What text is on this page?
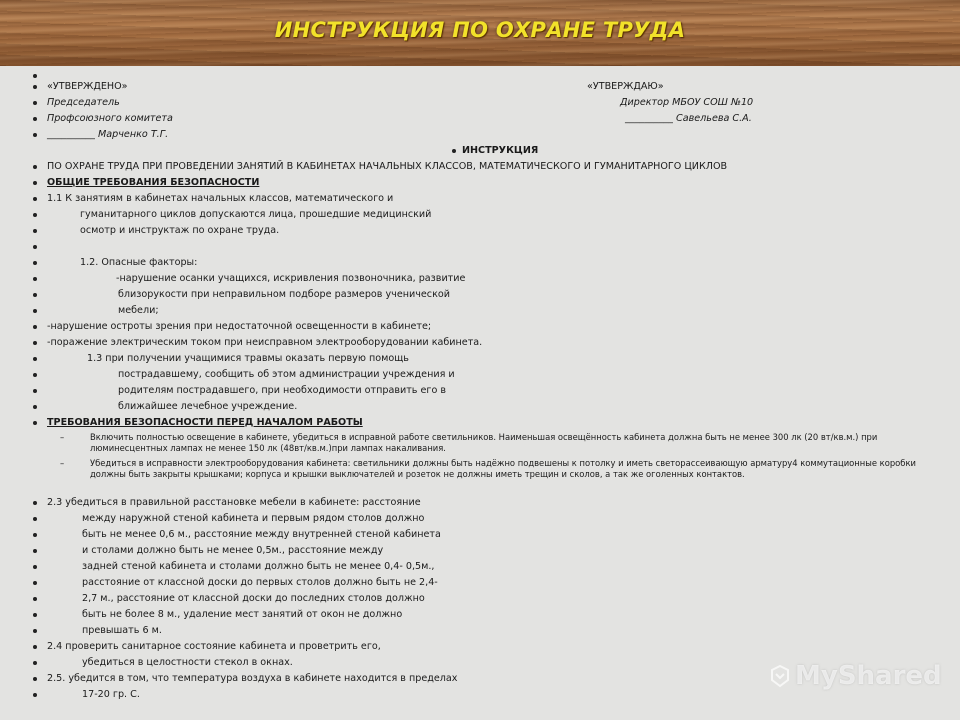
ИНСТРУКЦИЯ ПО ОХРАНЕ ТРУДА
«УТВЕРЖДЕНО»	«УТВЕРЖДАЮ»
Председатель	Директор МБОУ СОШ №10
Профсоюзного комитета	__________ Савельева С.А.
__________ Марченко Т.Г.
ИНСТРУКЦИЯ
ПО ОХРАНЕ ТРУДА ПРИ ПРОВЕДЕНИИ ЗАНЯТИЙ В КАБИНЕТАХ НАЧАЛЬНЫХ КЛАССОВ, МАТЕМАТИЧЕСКОГО И ГУМАНИТАРНОГО ЦИКЛОВ
ОБЩИЕ ТРЕБОВАНИЯ БЕЗОПАСНОСТИ
1.1 К занятиям в кабинетах начальных классов, математического и
гуманитарного циклов допускаются лица, прошедшие медицинский
осмотр и инструктаж по охране труда.
1.2. Опасные факторы:
-нарушение осанки учащихся, искривления позвоночника, развитие
близорукости при неправильном подборе размеров ученической
мебели;
-нарушение остроты зрения при недостаточной освещенности в кабинете;
-поражение электрическим током при неисправном электрооборудовании кабинета.
1.3 при получении учащимися травмы оказать первую помощь
пострадавшему, сообщить об этом администрации учреждения и
родителям пострадавшего, при необходимости отправить его в
ближайшее лечебное учреждение.
ТРЕБОВАНИЯ БЕЗОПАСНОСТИ ПЕРЕД НАЧАЛОМ РАБОТЫ
–	Включить полностью освещение в кабинете, убедиться в исправной работе светильников. Наименьшая освещённость кабинета должна быть не менее 300 лк (20 вт/кв.м.) при люминесцентных лампах не менее 150 лк (48вт/кв.м.)при лампах накаливания.
–	Убедиться в исправности электрооборудования кабинета: светильники должны быть надёжно подвешены к потолку и иметь светорассеивающую арматуру4 коммутационные коробки должны быть закрыты крышками; корпуса и крышки выключателей и розеток не должны иметь трещин и сколов, а так же оголенных контактов.
2.3 убедиться в правильной расстановке мебели в кабинете: расстояние
между наружной стеной кабинета и первым рядом столов должно
быть не менее 0,6 м., расстояние между внутренней стеной кабинета
и столами должно быть не менее 0,5м., расстояние между
задней стеной кабинета и столами должно быть не менее 0,4- 0,5м.,
расстояние от классной доски до первых столов должно быть не 2,4-
2,7 м., расстояние от классной доски до последних столов должно
быть не более 8 м., удаление мест занятий от окон не должно
превышать 6 м.
2.4 проверить санитарное состояние кабинета и проветрить его,
убедиться в целостности стекол в окнах.
2.5. убедится в том, что температура воздуха в кабинете находится в пределах
17-20 гр. С.
MyShared
